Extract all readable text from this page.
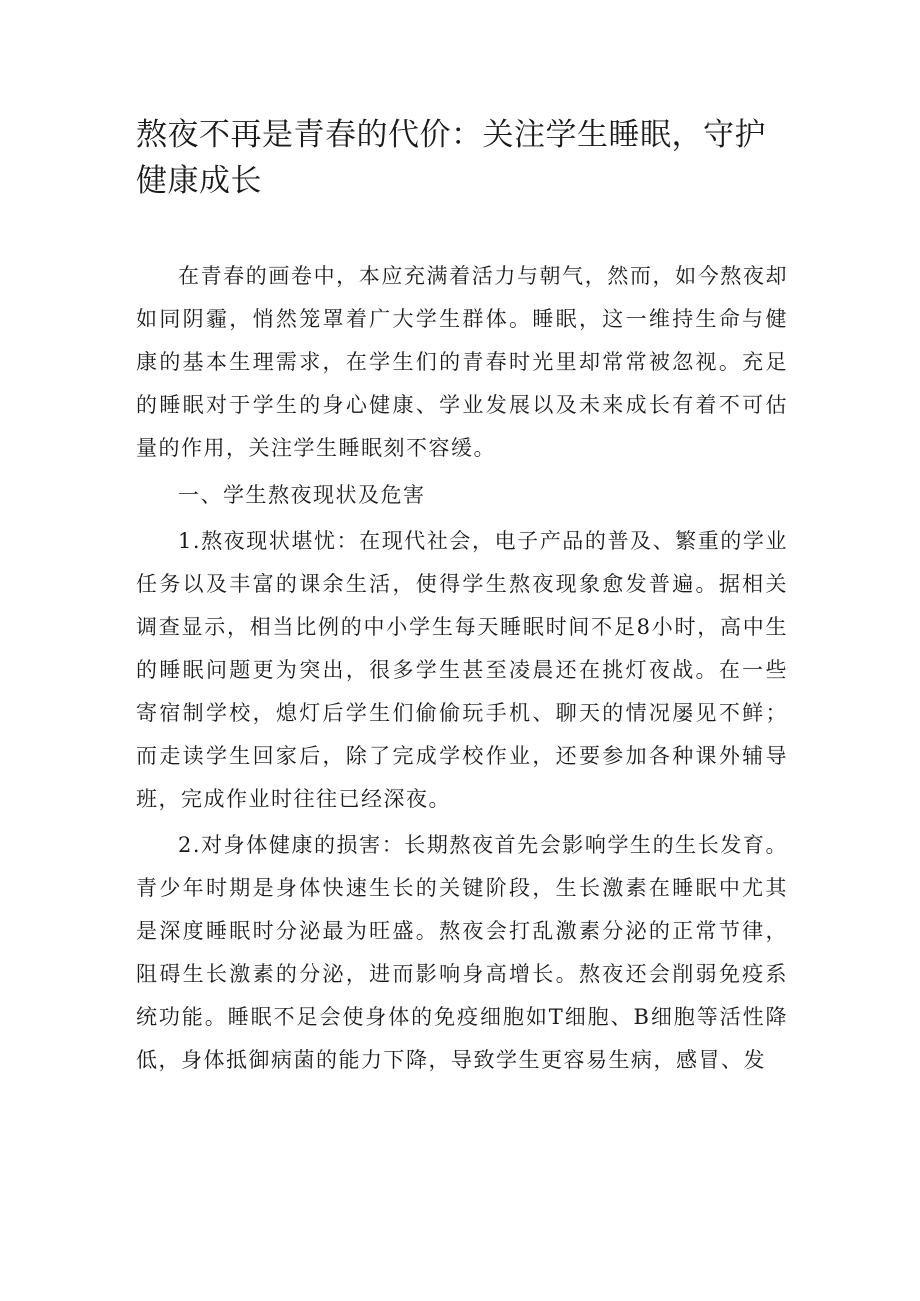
熬夜不再是青春的代价：关注学生睡眠，守护健康成长

在青春的画卷中，本应充满着活力与朝气，然而，如今熬夜却如同阴霾，悄然笼罩着广大学生群体。睡眠，这一维持生命与健康的基本生理需求，在学生们的青春时光里却常常被忽视。充足的睡眠对于学生的身心健康、学业发展以及未来成长有着不可估量的作用，关注学生睡眠刻不容缓。

一、学生熬夜现状及危害

1.熬夜现状堪忧：在现代社会，电子产品的普及、繁重的学业任务以及丰富的课余生活，使得学生熬夜现象愈发普遍。据相关调查显示，相当比例的中小学生每天睡眠时间不足8小时，高中生的睡眠问题更为突出，很多学生甚至凌晨还在挑灯夜战。在一些寄宿制学校，熄灯后学生们偷偷玩手机、聊天的情况屡见不鲜；而走读学生回家后，除了完成学校作业，还要参加各种课外辅导班，完成作业时往往已经深夜。

2.对身体健康的损害：长期熬夜首先会影响学生的生长发育。青少年时期是身体快速生长的关键阶段，生长激素在睡眠中尤其是深度睡眠时分泌最为旺盛。熬夜会打乱激素分泌的正常节律，阻碍生长激素的分泌，进而影响身高增长。熬夜还会削弱免疫系统功能。睡眠不足会使身体的免疫细胞如T细胞、B细胞等活性降低，身体抵御病菌的能力下降，导致学生更容易生病，感冒、发
